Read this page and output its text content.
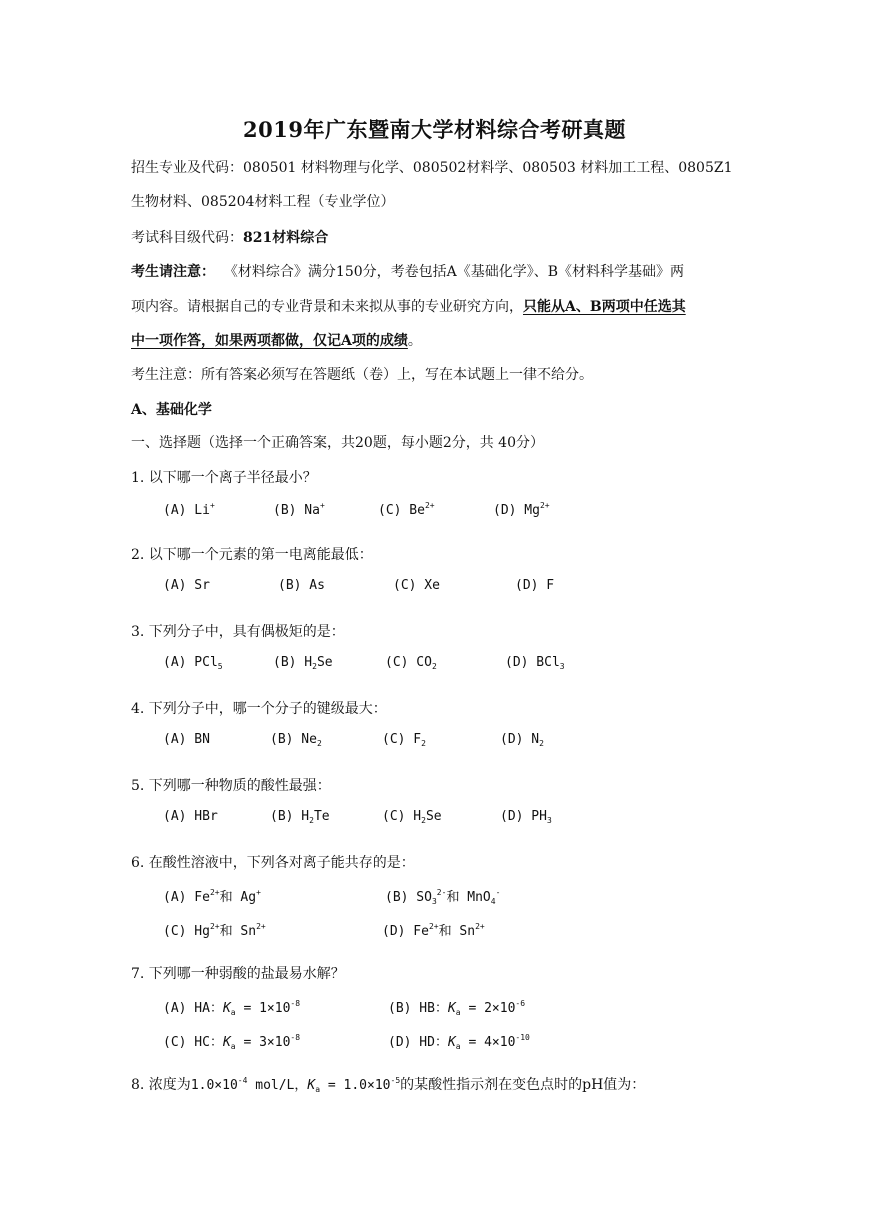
2019年广东暨南大学材料综合考研真题
招生专业及代码：080501 材料物理与化学、080502材料学、080503 材料加工工程、0805Z1
生物材料、085204材料工程（专业学位）
考试科目级代码：821材料综合
考生请注意： 《材料综合》满分150分，考卷包括A《基础化学》、B《材料科学基础》两
项内容。请根据自己的专业背景和未来拟从事的专业研究方向，只能从A、B两项中任选其
中一项作答，如果两项都做，仅记A项的成绩。
考生注意：所有答案必须写在答题纸（卷）上，写在本试题上一律不给分。
A、基础化学
一、选择题（选择一个正确答案，共20题，每小题2分，共 40分）
1. 以下哪一个离子半径最小？
(A) Li+	(B) Na+	(C) $Be^{2+}$	(D) $Mg^{2+}$
2. 以下哪一个元素的第一电离能最低：
(A) Sr	(B) As	(C) Xe	(D) F
3. 下列分子中，具有偶极矩的是：
(A) PCl$_5$	(B) $H_2Se$	(C) $CO_2$	(D) BCl$_3$
4. 下列分子中，哪一个分子的键级最大：
(A) BN	(B) $Ne_2$	(C) $F_2$	(D) $N_2$
5. 下列哪一种物质的酸性最强：
(A) HBr	(B) $H_2Te$	(C) $H_2Se$	(D) $PH_3$
6. 在酸性溶液中，下列各对离子能共存的是：
(A) $Fe^{2+}$和 Ag+	(B) $SO_3^{2-}$和 MnO$_4$-
(C) $Hg^{2+}$和 $Sn^{2+}$	(D) $Fe^{2+}$和 $Sn^{2+}$
7. 下列哪一种弱酸的盐最易水解？
(A) HA：$K_a = 1\times 10^{-8}$	(B) HB：$K_a = 2\times 10^{-6}$
(C) HC：$K_a = 3\times 10^{-8}$	(D) HD：$K_a = 4\times 10^{-10}$
8. 浓度为$1.0\times 10^{-4}$ mol/L，$K_a = 1.0\times 10^{-5}$的某酸性指示剂在变色点时的pH值为：
